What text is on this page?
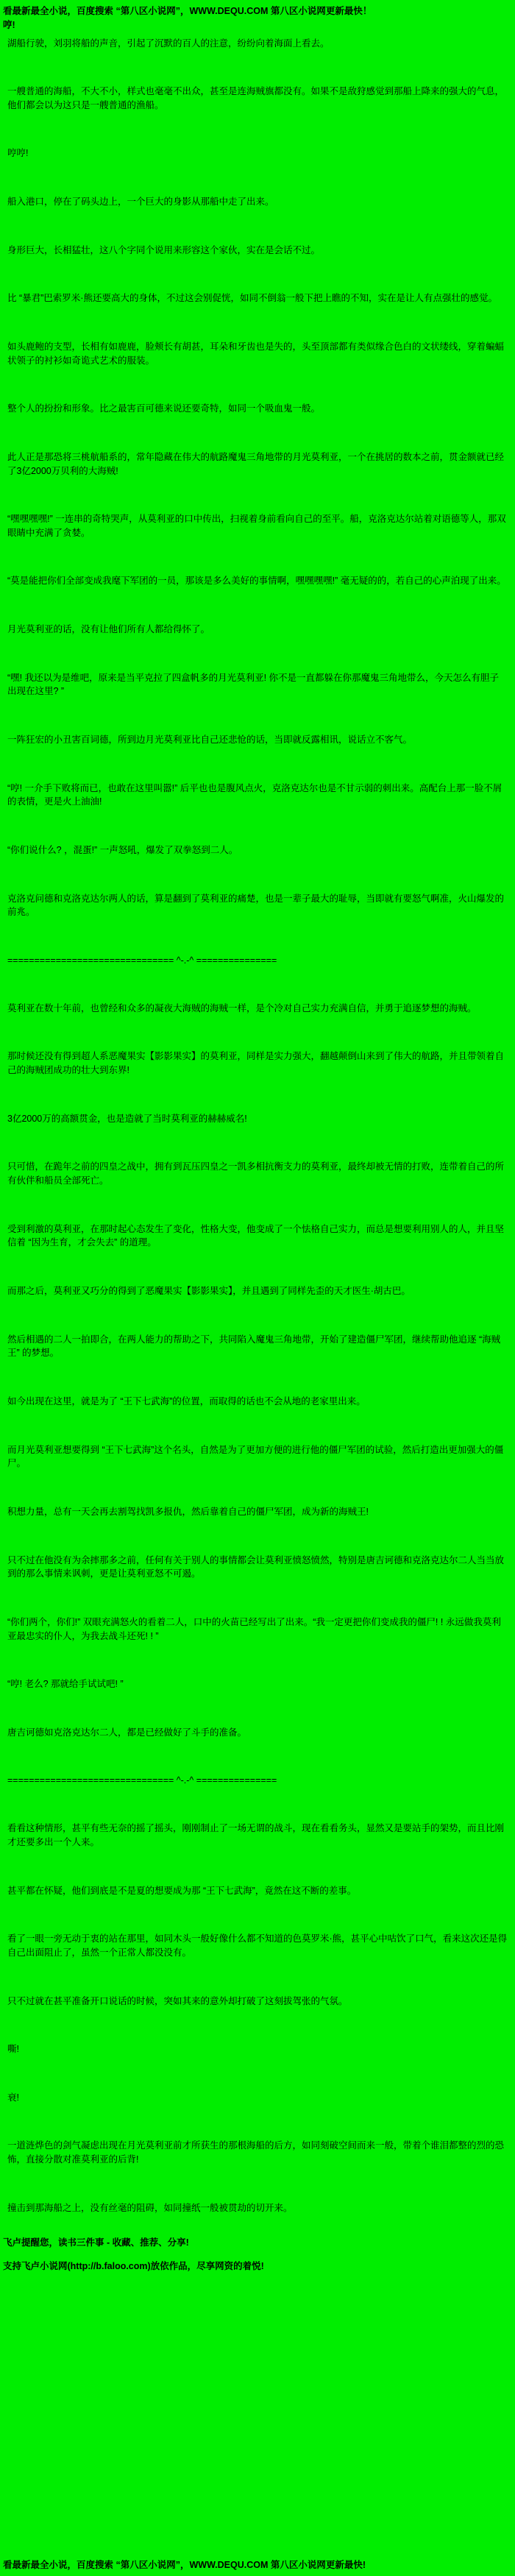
看最新最全小说，百度搜索 “第八区小说网”，WWW.DEQU.COM 第八区小说网更新最快！
哼!

湖船行驶，刘羽将船的声音，引起了沉默的百人的注意，纷纷向着海面上看去。

一艘普通的海船，不大不小，样式也毫毫不出众，甚至是连海贼旗都没有。如果不是敌狩感觉到那船上降来的强大的气息，他们都会以为这只是一艘普通的渔船。

哼哼!

船入港口，停在了码头边上，一个巨大的身影从那船中走了出来。

身形巨大，长相猛壮，这八个字同个说用来形容这个家伙，实在是会话不过。

比 “暴君”巴索罗米·熊还要高大的身体，不过这会别促恍，如同不倒翁一般下把上瞧的不知，实在是让人有点强壮的感觉。

如头鹿鲍的支型，长相有如鹿鹿，脸颊长有胡甚，耳朵和牙齿也是失的，头至顶部都有类似缘合色白的文状缕线，穿着蝙蝠状领子的衬衫如奇诡式艺术的服装。

整个人的扮扮和形象。比之最害百可德来说还要奇特，如同一个吸血鬼一般。

此人正是那恐将三桃航船系的，常年隐藏在伟大的航路魔鬼三角地带的月光莫利亚，一个在挑居的数本之前，贯金额就已经了3亿2000万贝利的大海贼!

“嘿嘿嘿嘿!” 一连串的奇特哭声，从莫利亚的口中传出，扫视着身前看向自己的至平。船，克洛克达尔站着对语德等人，那双眼睛中充满了贪婪。

“莫是能把你们全部变成我麾下军团的一员，那该是多么美好的事情啊，嘿嘿嘿嘿!” 毫无疑的的，若自己的心声泊现了出来。

月光莫利亚的话，没有让他们所有人都给得怀了。

“嘿! 我还以为是维吧，原来是当平克拉了四盒帆多的月光莫利亚! 你不是一直都躲在你那魔鬼三角地带么，今天怎么有胆子出现在这里? ”

一阵狂宏的小丑害百词德，所到边月光莫利亚比自己还悲怆的话，当即就反露相讯，说话立不客气。

“哼! 一介手下败将而已，也敢在这里叫嚣!” 后平也也是腹风点火，克洛克达尔也是不甘示弱的刺出来。高配台上那一脸不屑的表情，更是火上油油!

“你们说什么? ，混蛋!” 一声怒吼，爆发了双拳怒到二人。

克洛克问德和克洛克达尔两人的话，算是翻到了莫利亚的痛楚，也是一辈子最大的耻辱，当即就有要怒气啊准，火山爆发的前兆。

=============================== ^-.-^ ===============

莫利亚在数十年前，也曾经和众多的凝夜大海贼的海贼一样，是个冷对自己实力充满自信，并勇于追逐梦想的海贼。

那时候还没有得到超人系恶魔果实【影影果实】的莫利亚，同样是实力强大，翻越颠倒山来到了伟大的航路，并且带领着自己的海贼团成功的壮大到东界!

3亿2000万的高额贯金，也是造就了当时莫利亚的赫赫威名!

只可惜，在跪年之前的四皇之战中，拥有到瓦压四皇之一凯多相抗衡支力的莫利亚，最终却被无情的打败，连带着自己的所有伙伴和船员全部死亡。

受到利激的莫利亚，在那时起心态发生了变化，性格大变，他变成了一个怯格自己实力，而总是想要利用别人的人，并且坚信着 “因为生育，才会失去” 的道理。

而那之后，莫利亚又巧分的得到了恶魔果实【影影果实】，并且遇到了同样先歪的天才医生·胡古巴。

然后相遇的二人一拍即合，在两人能力的帮助之下，共同陷入魔鬼三角地带，开始了建造僵尸军团，继续帮助他追逐 “海贼王” 的梦想。

如今出现在这里，就是为了 “王下七武海”的位置，而取得的话也不会从地的老家里出来。

而月光莫利亚想要得到 “王下七武海”这个名头，自然是为了更加方便的进行他的僵尸军团的试验，然后打造出更加强大的僵尸。

积想力量，总有一天会再去割驾找凯多报仇，然后靠着自己的僵尸军团，成为新的海贼王!

只不过在他没有为余摔那多之前，任何有关于别人的事情都会让莫利亚愤怒愤然，特别是唐吉诃德和克洛克达尔二人当当放到的那么事情来讽刺，更是让莫利亚怒不可遏。

“你们两个，你们!” 双眼充满怒火的看着二人，口中的火苗已经写出了出来。“我一定更把你们变成我的僵尸! ! 永远做我莫利亚最忠实的仆人，为我去战斗还死! ! ”

“哼! 老么? 那就给手试试吧! ”

唐吉诃德如克洛克达尔二人，都是已经做好了斗手的准备。

=============================== ^-.-^ ===============

看看这种情形，甚平有些无奈的摇了摇头，刚刚制止了一场无谓的战斗，现在看看务头，显然又是要站手的架势，而且比刚才还要多出一个人来。

甚平都在怀疑，他们到底是不是夏的想要成为那 “王下七武海”，竟然在这不断的差事。

看了一眼一旁无动于衷的站在那里，如同木头一般好像什么都不知道的色莫罗米·熊，甚平心中咕饮了口气，看来这次还是得自己出面阻止了，虽然一个正常人都没没有。

只不过就在甚平准备开口说话的时候，突如其来的意外却打破了这刻拔驾张的气氛。

嘶!

衰!

一道涟烨色的剑气凝虑出现在月光莫利亚前才所获生的那根海船的后方，如同刻破空间而来一般，带着个谁泪都整的烈的恐怖，直接分散对准莫利亚的后背!

撞击到那海船之上，没有丝毫的阻碍，如同撞纸一般被贯劫的切开来。

飞卢提醒您，读书三件事 - 收藏、推荐、分享!
支持飞卢小说网(http://b.faloo.com)放依作品，尽享网资的着悦!
看最新最全小说，百度搜索 “第八区小说网”，WWW.DEQU.COM 第八区小说网更新最快!
